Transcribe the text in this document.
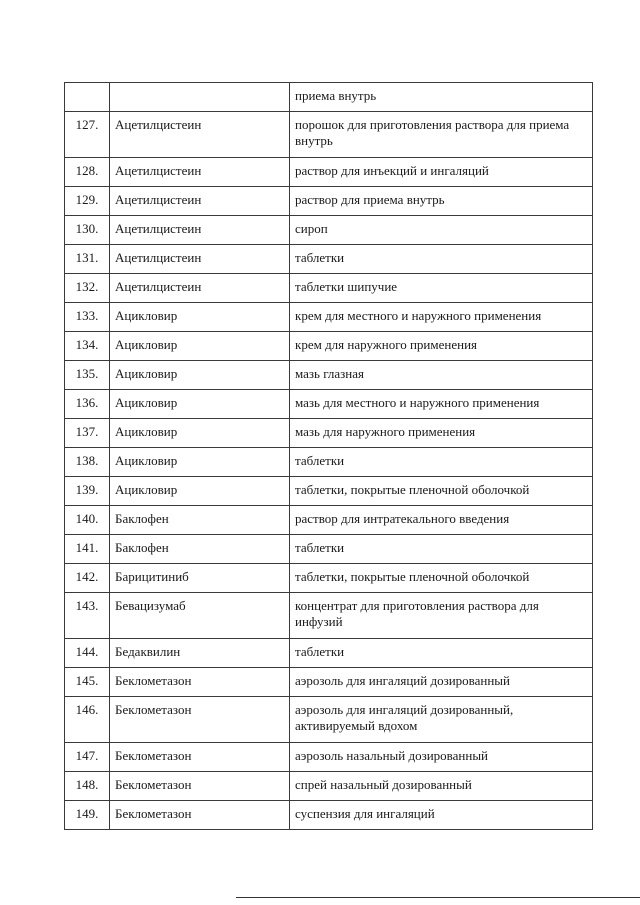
		приема внутрь
127.	Ацетилцистеин	порошок для приготовления раствора для приема внутрь
128.	Ацетилцистеин	раствор для инъекций и ингаляций
129.	Ацетилцистеин	раствор для приема внутрь
130.	Ацетилцистеин	сироп
131.	Ацетилцистеин	таблетки
132.	Ацетилцистеин	таблетки шипучие
133.	Ацикловир	крем для местного и наружного применения
134.	Ацикловир	крем для наружного применения
135.	Ацикловир	мазь глазная
136.	Ацикловир	мазь для местного и наружного применения
137.	Ацикловир	мазь для наружного применения
138.	Ацикловир	таблетки
139.	Ацикловир	таблетки, покрытые пленочной оболочкой
140.	Баклофен	раствор для интратекального введения
141.	Баклофен	таблетки
142.	Барицитиниб	таблетки, покрытые пленочной оболочкой
143.	Бевацизумаб	концентрат для приготовления раствора для инфузий
144.	Бедаквилин	таблетки
145.	Беклометазон	аэрозоль для ингаляций дозированный
146.	Беклометазон	аэрозоль для ингаляций дозированный, активируемый вдохом
147.	Беклометазон	аэрозоль назальный дозированный
148.	Беклометазон	спрей назальный дозированный
149.	Беклометазон	суспензия для ингаляций
